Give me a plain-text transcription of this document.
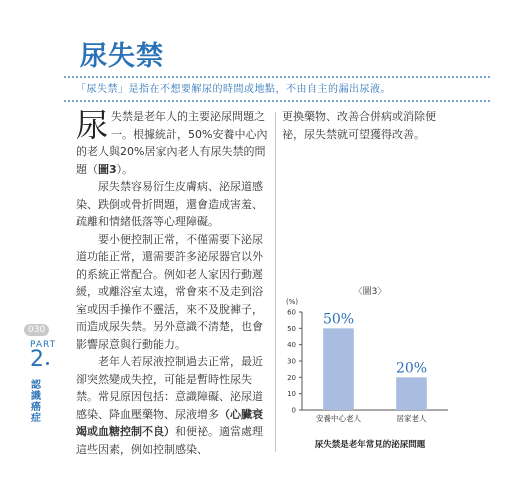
尿失禁
「尿失禁」是指在不想要解尿的時間或地點，不由自主的漏出尿液。

尿失禁是老年人的主要泌尿問題之一。根據統計，50%安養中心內的老人與20%居家內老人有尿失禁的問題（圖3）。

尿失禁容易衍生皮膚病、泌尿道感染、跌倒或骨折問題，還會造成害羞、疏離和情緒低落等心理障礙。

要小便控制正常，不僅需要下泌尿道功能正常，還需要許多泌尿器官以外的系統正常配合。例如老人家因行動遲緩，或離浴室太遠，常會來不及走到浴室或因手操作不靈活，來不及脫褲子，而造成尿失禁。另外意識不清楚，也會影響尿意與行動能力。

老年人若尿液控制過去正常，最近卻突然變成失控，可能是暫時性尿失禁。常見原因包括：意識障礙、泌尿道感染、降血壓藥物、尿液增多（心臟衰竭或血糖控制不良）和便祕。適當處理這些因素，例如控制感染、

更換藥物、改善合併病或消除便祕，尿失禁就可望獲得改善。

030
PART
2
認
識
癌
症
〈圖3〉
(%)
0
10
20
30
40
50
60 50%
安養中心老人
20%
居家老人
尿失禁是老年常見的泌尿問題
